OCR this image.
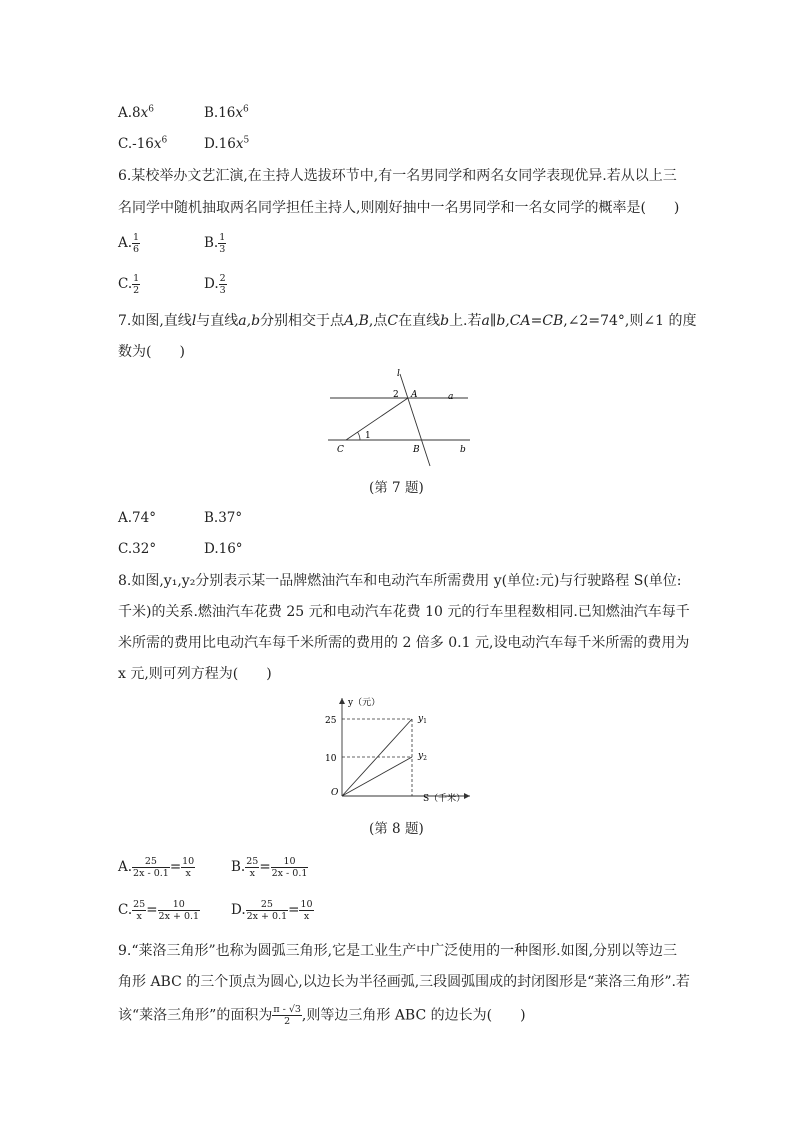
$A.8x^6$	$B.16x^6$
$C.-16x^6$	$D.16x^5$
6.某校举办文艺汇演,在主持人选拔环节中,有一名男同学和两名女同学表现优异.若从以上三
名同学中随机抽取两名同学担任主持人,则刚好抽中一名男同学和一名女同学的概率是(　　)
A. $\frac{1}{6}$	B. $\frac{1}{3}$
C. $\frac{1}{2}$	D. $\frac{2}{3}$
7.如图,直线l与直线a,b分别相交于点A,B,点C在直线b上.若a∥b,CA=CB,∠2=74°,则∠1 的度
数为(　　)
l
a
b
A
B
C
1
2
(第 7 题)
A.74°	B.37°
C.32°	D.16°
8.如图,y₁,y₂分别表示某一品牌燃油汽车和电动汽车所需费用 y(单位:元)与行驶路程 S(单位:
千米)的关系.燃油汽车花费 25 元和电动汽车花费 10 元的行车里程数相同.已知燃油汽车每千
米所需的费用比电动汽车每千米所需的费用的 2 倍多 0.1 元,设电动汽车每千米所需的费用为
x 元,则可列方程为(　　)
y（元）
S（千米）
O
25
10
$y_1$
$y_2$
(第 8 题)
A. $\frac{25}{2x - 0.1} = \frac{10}{x}$	B. $\frac{25}{x} = \frac{10}{2x - 0.1}$
C. $\frac{25}{x} = \frac{10}{2x + 0.1} D$. $\frac{25}{2x + 0.1} = \frac{10}{x}$
9.“莱洛三角形”也称为圆弧三角形,它是工业生产中广泛使用的一种图形.如图,分别以等边三
角形 ABC 的三个顶点为圆心,以边长为半径画弧,三段圆弧围成的封闭图形是“莱洛三角形”.若
该“莱洛三角形”的面积为 $\frac{\pi - √3}{2}$ ,则等边三角形 ABC 的边长为(　　)
